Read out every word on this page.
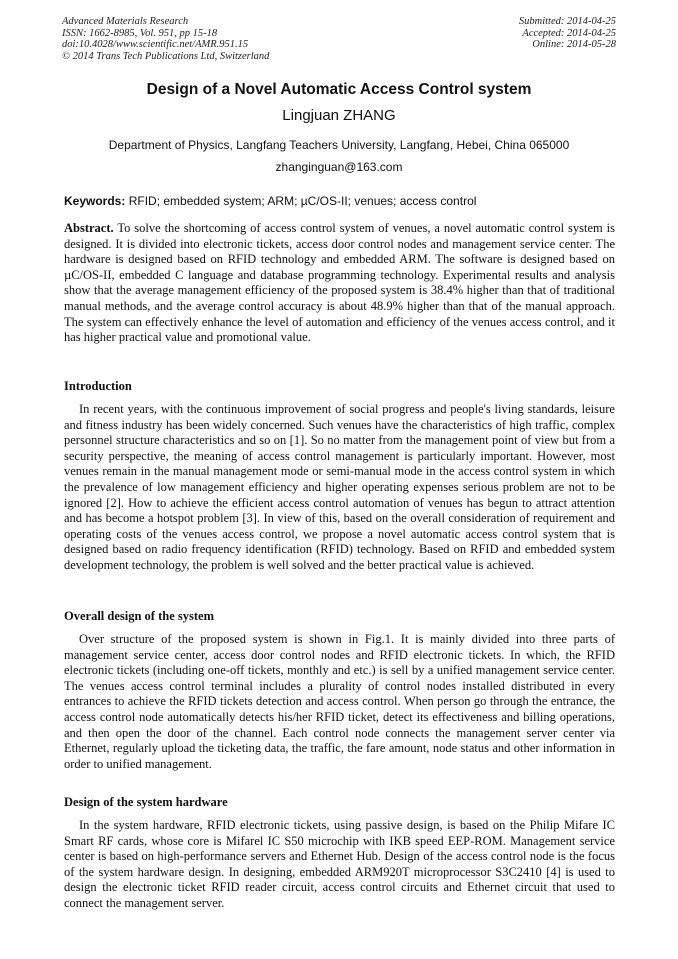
Advanced Materials Research
ISSN: 1662-8985, Vol. 951, pp 15-18
doi:10.4028/www.scientific.net/AMR.951.15
© 2014 Trans Tech Publications Ltd, Switzerland
Submitted: 2014-04-25
Accepted: 2014-04-25
Online: 2014-05-28
Design of a Novel Automatic Access Control system
Lingjuan ZHANG
Department of Physics, Langfang Teachers University, Langfang, Hebei, China 065000
zhanginguan@163.com
Keywords: RFID; embedded system; ARM; µC/OS-II; venues; access control
Abstract. To solve the shortcoming of access control system of venues, a novel automatic control system is designed. It is divided into electronic tickets, access door control nodes and management service center. The hardware is designed based on RFID technology and embedded ARM. The software is designed based on µC/OS-II, embedded C language and database programming technology. Experimental results and analysis show that the average management efficiency of the proposed system is 38.4% higher than that of traditional manual methods, and the average control accuracy is about 48.9% higher than that of the manual approach. The system can effectively enhance the level of automation and efficiency of the venues access control, and it has higher practical value and promotional value.
Introduction
In recent years, with the continuous improvement of social progress and people's living standards, leisure and fitness industry has been widely concerned. Such venues have the characteristics of high traffic, complex personnel structure characteristics and so on [1]. So no matter from the management point of view but from a security perspective, the meaning of access control management is particularly important. However, most venues remain in the manual management mode or semi-manual mode in the access control system in which the prevalence of low management efficiency and higher operating expenses serious problem are not to be ignored [2]. How to achieve the efficient access control automation of venues has begun to attract attention and has become a hotspot problem [3]. In view of this, based on the overall consideration of requirement and operating costs of the venues access control, we propose a novel automatic access control system that is designed based on radio frequency identification (RFID) technology. Based on RFID and embedded system development technology, the problem is well solved and the better practical value is achieved.
Overall design of the system
Over structure of the proposed system is shown in Fig.1. It is mainly divided into three parts of management service center, access door control nodes and RFID electronic tickets. In which, the RFID electronic tickets (including one-off tickets, monthly and etc.) is sell by a unified management service center. The venues access control terminal includes a plurality of control nodes installed distributed in every entrances to achieve the RFID tickets detection and access control. When person go through the entrance, the access control node automatically detects his/her RFID ticket, detect its effectiveness and billing operations, and then open the door of the channel. Each control node connects the management server center via Ethernet, regularly upload the ticketing data, the traffic, the fare amount, node status and other information in order to unified management.
Design of the system hardware
In the system hardware, RFID electronic tickets, using passive design, is based on the Philip Mifare IC Smart RF cards, whose core is Mifarel IC S50 microchip with IKB speed EEP-ROM. Management service center is based on high-performance servers and Ethernet Hub. Design of the access control node is the focus of the system hardware design. In designing, embedded ARM920T microprocessor S3C2410 [4] is used to design the electronic ticket RFID reader circuit, access control circuits and Ethernet circuit that used to connect the management server.
